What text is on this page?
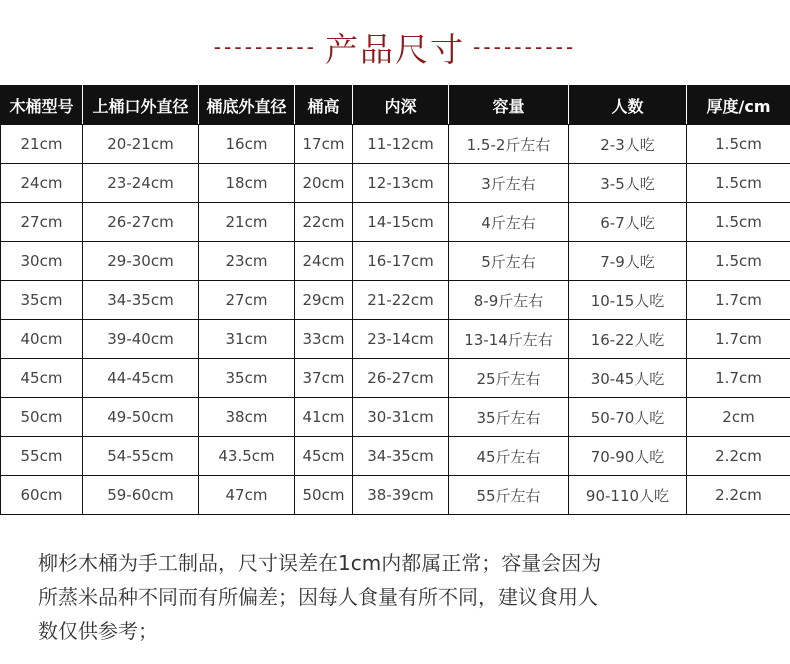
---------- 产品尺寸 ----------
木桶型号	上桶口外直径	桶底外直径	桶高	内深	容量	人数	厚度/cm
21cm	20-21cm	16cm	17cm	11-12cm	1.5-2斤左右	2-3人吃	1.5cm
24cm	23-24cm	18cm	20cm	12-13cm	3斤左右	3-5人吃	1.5cm
27cm	26-27cm	21cm	22cm	14-15cm	4斤左右	6-7人吃	1.5cm
30cm	29-30cm	23cm	24cm	16-17cm	5斤左右	7-9人吃	1.5cm
35cm	34-35cm	27cm	29cm	21-22cm	8-9斤左右	10-15人吃	1.7cm
40cm	39-40cm	31cm	33cm	23-14cm	13-14斤左右	16-22人吃	1.7cm
45cm	44-45cm	35cm	37cm	26-27cm	25斤左右	30-45人吃	1.7cm
50cm	49-50cm	38cm	41cm	30-31cm	35斤左右	50-70人吃	2cm
55cm	54-55cm	43.5cm	45cm	34-35cm	45斤左右	70-90人吃	2.2cm
60cm	59-60cm	47cm	50cm	38-39cm	55斤左右	90-110人吃	2.2cm
柳杉木桶为手工制品，尺寸误差在1cm内都属正常；容量会因为
所蒸米品种不同而有所偏差；因每人食量有所不同，建议食用人
数仅供参考；
